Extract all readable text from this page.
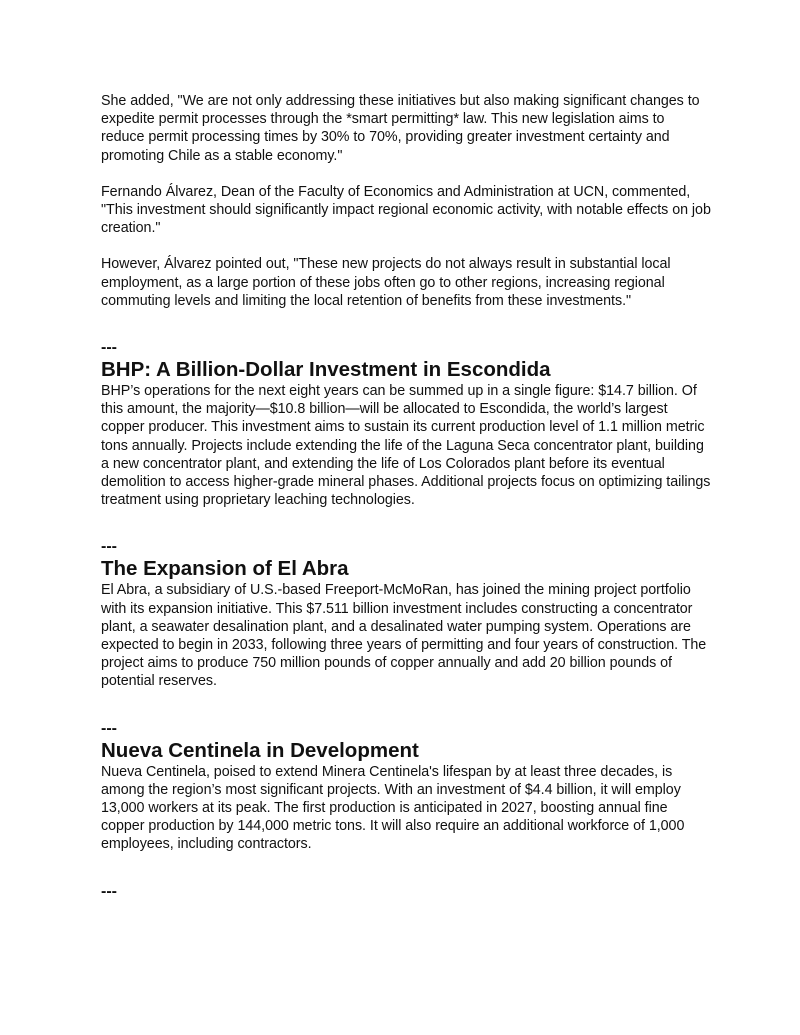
She added, "We are not only addressing these initiatives but also making significant changes to expedite permit processes through the *smart permitting* law. This new legislation aims to reduce permit processing times by 30% to 70%, providing greater investment certainty and promoting Chile as a stable economy."

Fernando Álvarez, Dean of the Faculty of Economics and Administration at UCN, commented, "This investment should significantly impact regional economic activity, with notable effects on job creation."

However, Álvarez pointed out, "These new projects do not always result in substantial local employment, as a large portion of these jobs often go to other regions, increasing regional commuting levels and limiting the local retention of benefits from these investments."

---
BHP: A Billion-Dollar Investment in Escondida

BHP’s operations for the next eight years can be summed up in a single figure: $14.7 billion. Of this amount, the majority—$10.8 billion—will be allocated to Escondida, the world’s largest copper producer. This investment aims to sustain its current production level of 1.1 million metric tons annually. Projects include extending the life of the Laguna Seca concentrator plant, building a new concentrator plant, and extending the life of Los Colorados plant before its eventual demolition to access higher-grade mineral phases. Additional projects focus on optimizing tailings treatment using proprietary leaching technologies.

---
The Expansion of El Abra

El Abra, a subsidiary of U.S.-based Freeport-McMoRan, has joined the mining project portfolio with its expansion initiative. This $7.511 billion investment includes constructing a concentrator plant, a seawater desalination plant, and a desalinated water pumping system. Operations are expected to begin in 2033, following three years of permitting and four years of construction. The project aims to produce 750 million pounds of copper annually and add 20 billion pounds of potential reserves.

---
Nueva Centinela in Development

Nueva Centinela, poised to extend Minera Centinela's lifespan by at least three decades, is among the region’s most significant projects. With an investment of $4.4 billion, it will employ 13,000 workers at its peak. The first production is anticipated in 2027, boosting annual fine copper production by 144,000 metric tons. It will also require an additional workforce of 1,000 employees, including contractors.

---
